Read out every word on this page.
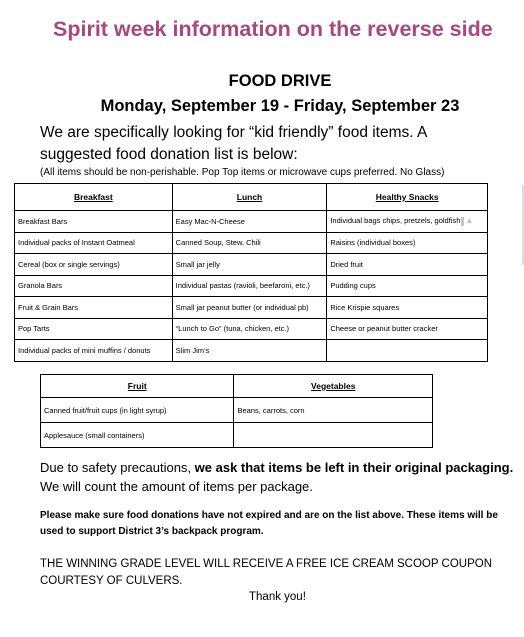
Spirit week information on the reverse side
FOOD DRIVE
Monday, September 19 - Friday, September 23
We are specifically looking for “kid friendly” food items. A suggested food donation list is below:
(All items should be non-perishable. Pop Top items or microwave cups preferred. No Glass)
Breakfast	Lunch	Healthy Snacks
Breakfast Bars	Easy Mac-N-Cheese	Individual bags chips, pretzels, goldfish ▲
Individual packs of Instant Oatmeal	Canned Soup, Stew, Chili	Raisins (individual boxes)
Cereal (box or single servings)	Small jar jelly	Dried fruit
Granola Bars	Individual pastas (ravioli, beefaroni, etc.)	Pudding cups
Fruit & Grain Bars	Small jar peanut butter (or individual pb)	Rice Krispie squares
Pop Tarts	“Lunch to Go” (tuna, chicken, etc.)	Cheese or peanut butter cracker
Individual packs of mini muffins / donuts	Slim Jim’s	
Fruit	Vegetables
Canned fruit/fruit cups (in light syrup)	Beans, carrots, corn
Applesauce (small containers)	
Due to safety precautions, we ask that items be left in their original packaging. We will count the amount of items per package.
Please make sure food donations have not expired and are on the list above. These items will be used to support District 3’s backpack program.
THE WINNING GRADE LEVEL WILL RECEIVE A FREE ICE CREAM SCOOP COUPON COURTESY OF CULVERS.
Thank you!
